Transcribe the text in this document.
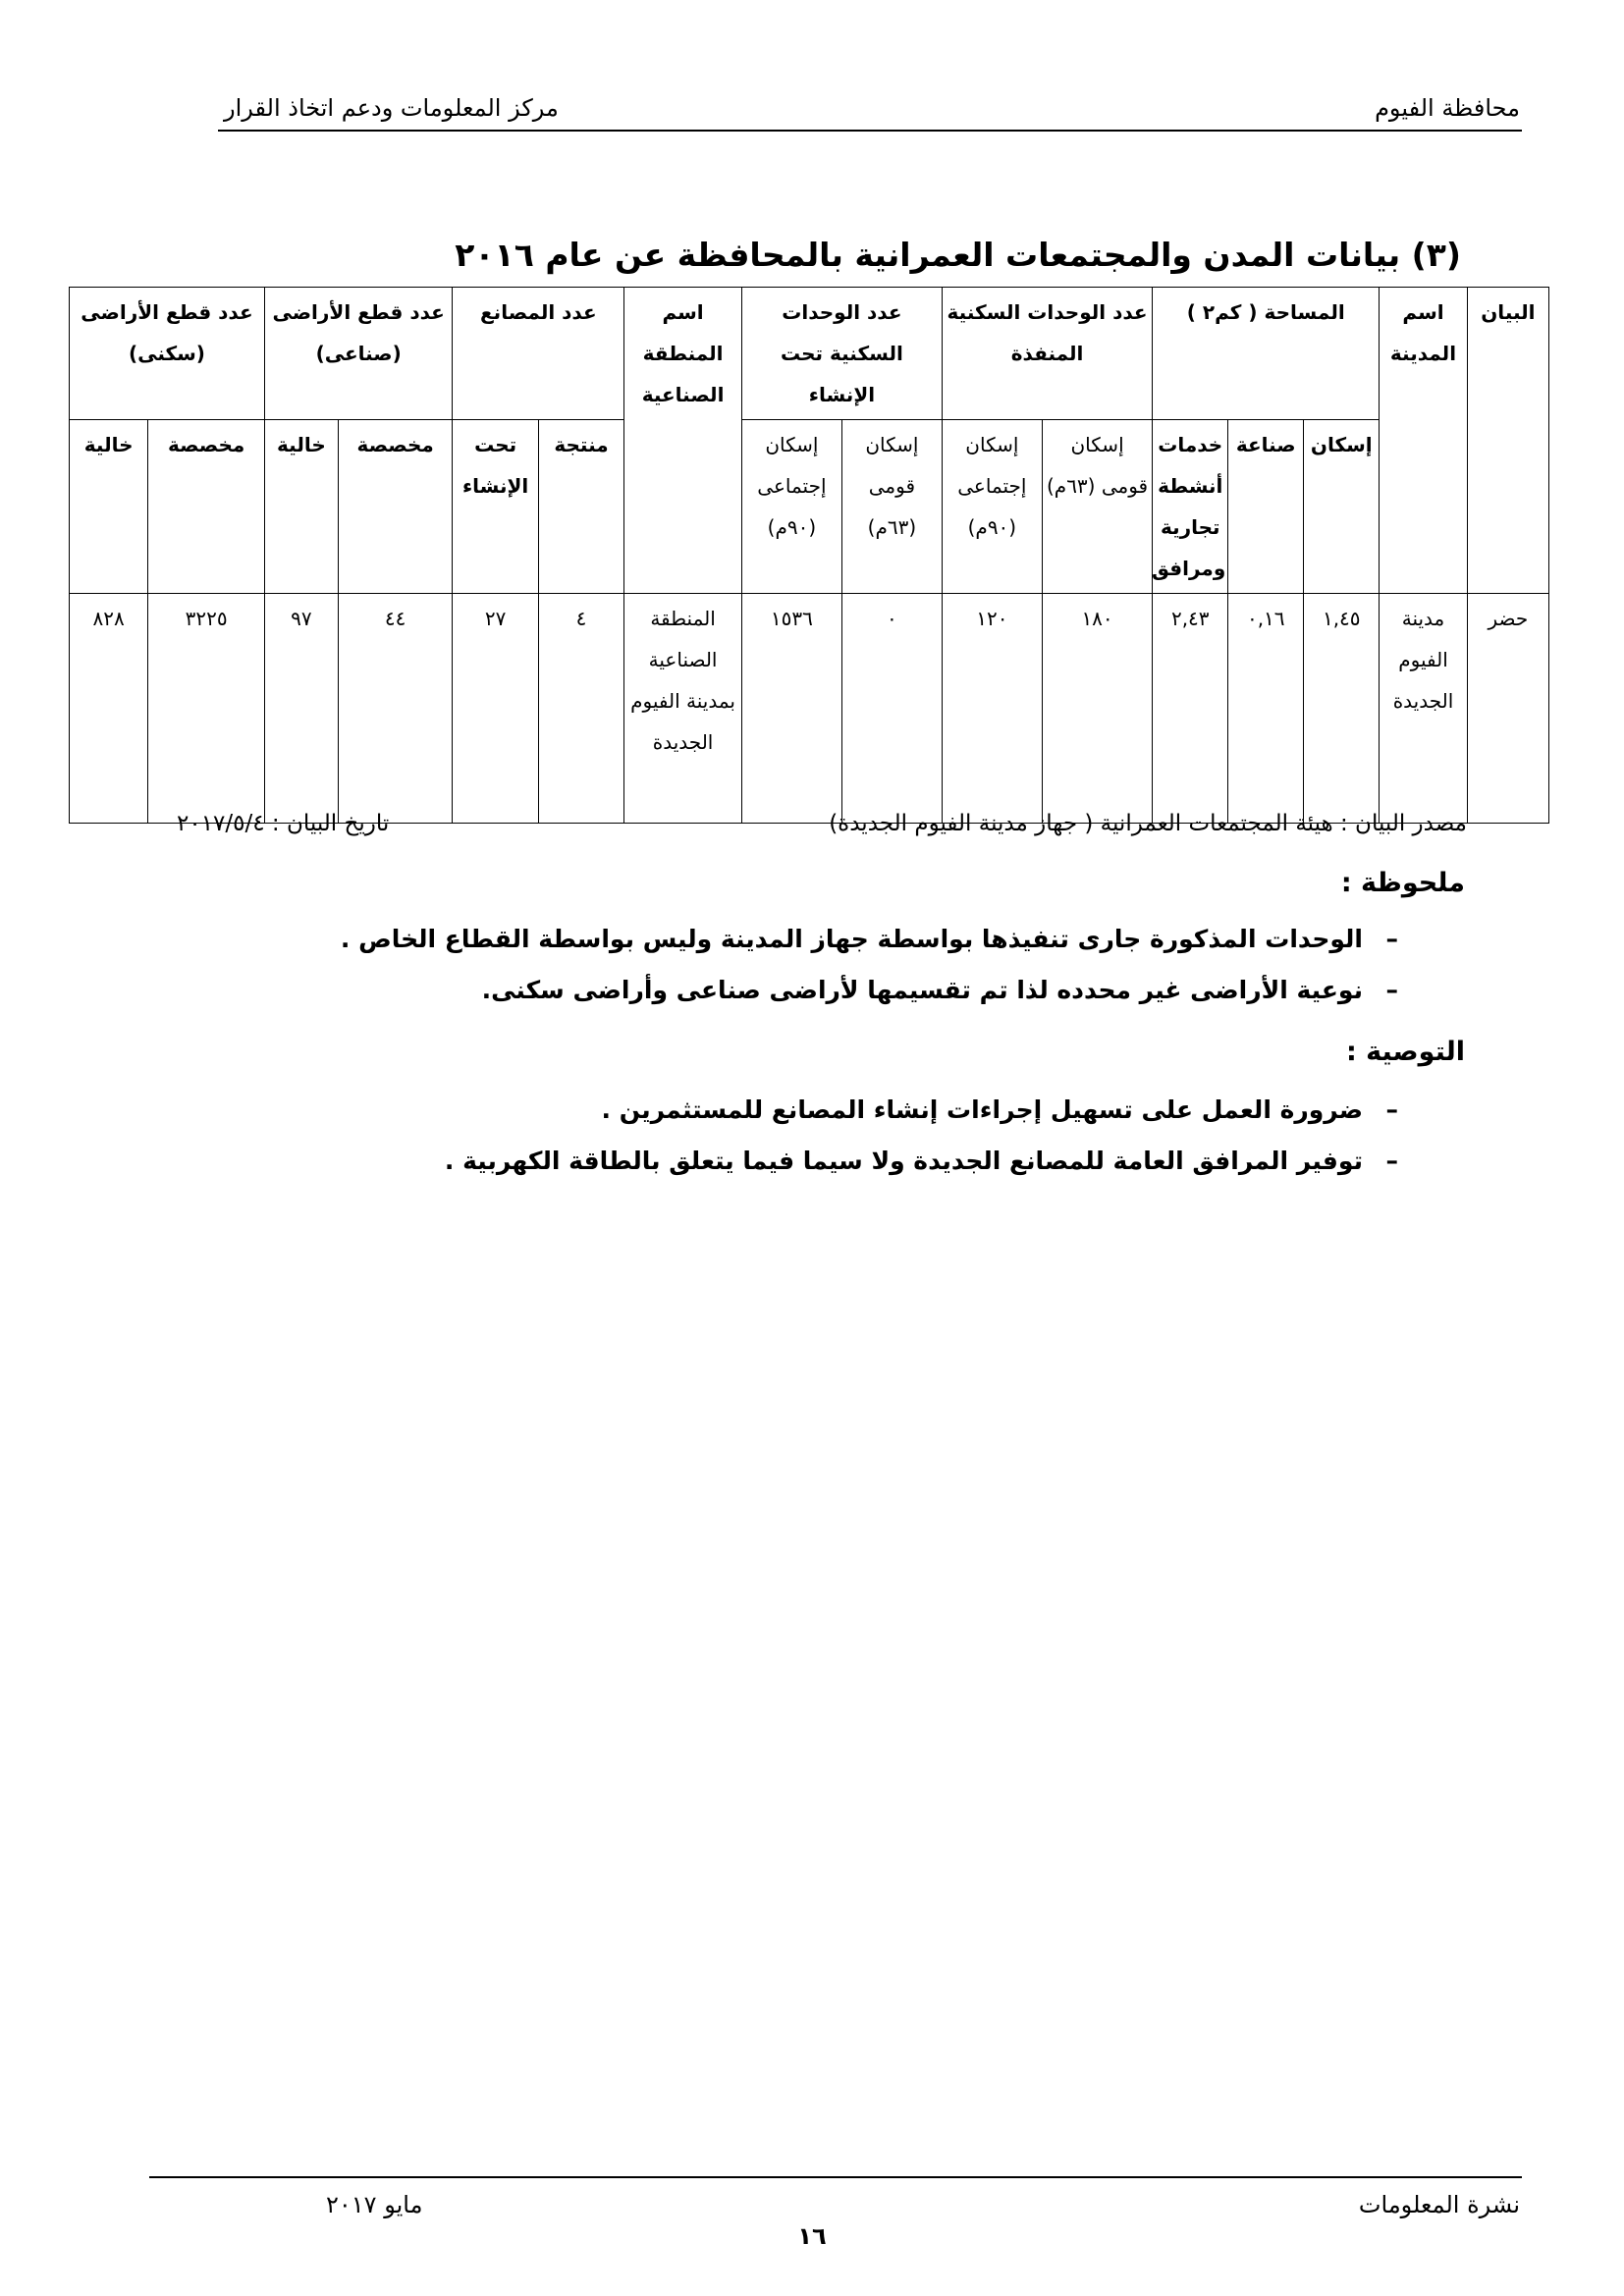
محافظة الفيوم
مركز المعلومات ودعم اتخاذ القرار
(٣) بيانات المدن والمجتمعات العمرانية بالمحافظة عن عام ٢٠١٦
البيان	اسم المدينة	المساحة ( كم٢ )			عدد الوحدات السكنية المنفذة		عدد الوحدات السكنية تحت الإنشاء		اسم المنطقة الصناعية	عدد المصانع		عدد قطع الأراضى (صناعى)		عدد قطع الأراضى (سكنى)	
		إسكان	صناعة	خدمات أنشطة تجارية ومرافق	إسكان قومى (٦٣م)	إسكان إجتماعى (٩٠م)	إسكان قومى (٦٣م)	إسكان إجتماعى (٩٠م)		منتجة	تحت الإنشاء	مخصصة	خالية	مخصصة	خالية

حضر	مدينة الفيوم الجديدة	١,٤٥	٠,١٦	٢,٤٣	١٨٠	١٢٠	٠	١٥٣٦	المنطقة الصناعية بمدينة الفيوم الجديدة	٤	٢٧	٤٤	٩٧	٣٢٢٥	٨٢٨
مصدر البيان : هيئة المجتمعات العمرانية ( جهاز مدينة الفيوم الجديدة)
تاريخ البيان : ٢٠١٧/٥/٤
ملحوظة :
–
الوحدات المذكورة جارى تنفيذها بواسطة جهاز المدينة وليس بواسطة القطاع الخاص .
–
نوعية الأراضى غير محدده لذا تم تقسيمها لأراضى صناعى وأراضى سكنى.
التوصية :
–
ضرورة العمل على تسهيل إجراءات إنشاء المصانع للمستثمرين .
–
توفير المرافق العامة للمصانع الجديدة ولا سيما فيما يتعلق بالطاقة الكهربية .
نشرة المعلومات
مايو ٢٠١٧
١٦
